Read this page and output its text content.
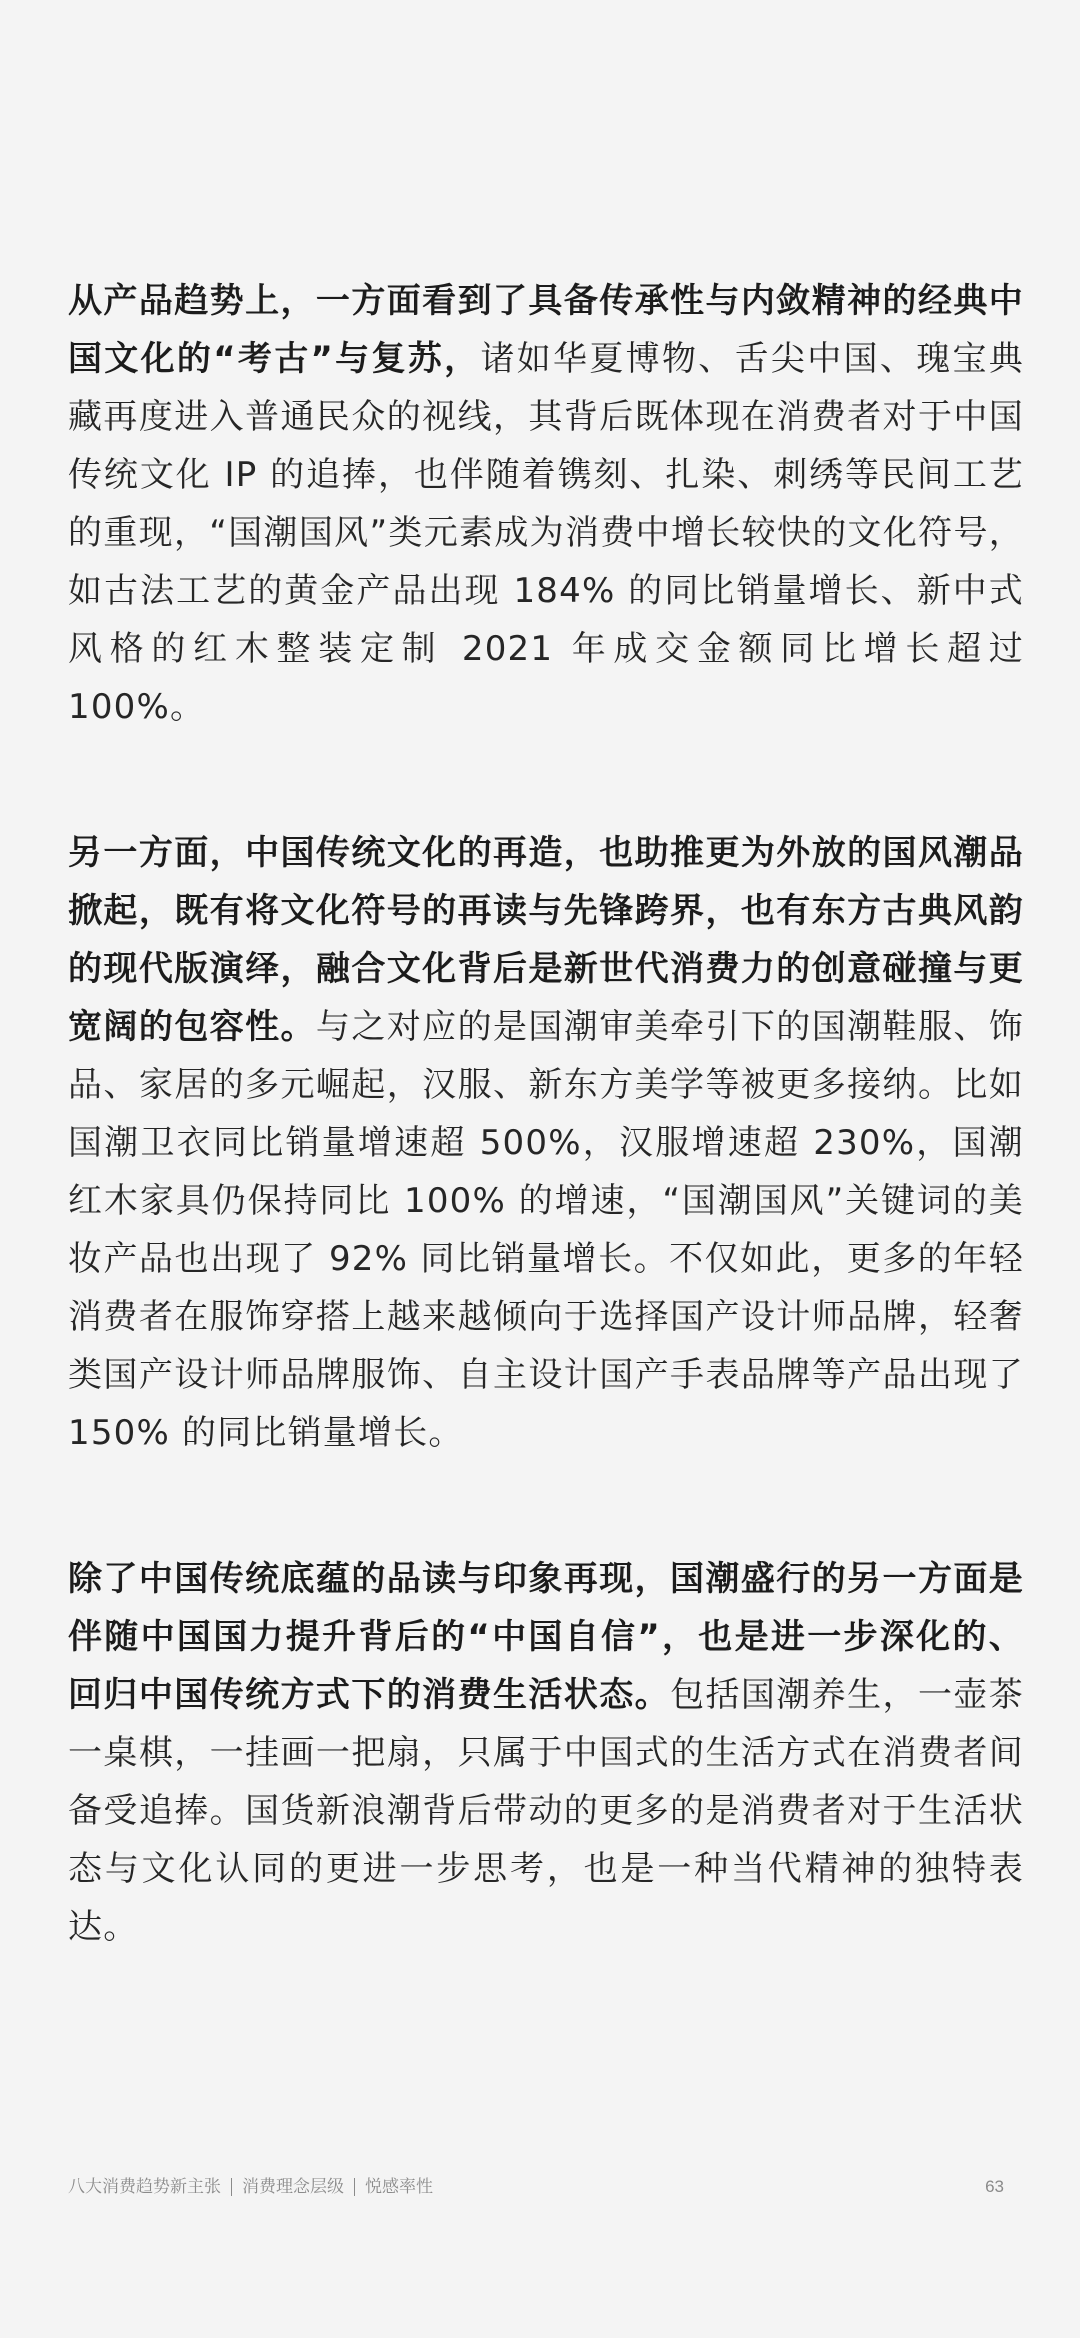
从产品趋势上，一方面看到了具备传承性与内敛精神的经典中国文化的“考古”与复苏，诸如华夏博物、舌尖中国、瑰宝典藏再度进入普通民众的视线，其背后既体现在消费者对于中国传统文化 IP 的追捧，也伴随着镌刻、扎染、刺绣等民间工艺的重现，“国潮国风”类元素成为消费中增长较快的文化符号，如古法工艺的黄金产品出现 184% 的同比销量增长、新中式风格的红木整装定制 2021 年成交金额同比增长超过 100%。

另一方面，中国传统文化的再造，也助推更为外放的国风潮品掀起，既有将文化符号的再读与先锋跨界，也有东方古典风韵的现代版演绎，融合文化背后是新世代消费力的创意碰撞与更宽阔的包容性。与之对应的是国潮审美牵引下的国潮鞋服、饰品、家居的多元崛起，汉服、新东方美学等被更多接纳。比如国潮卫衣同比销量增速超 500%，汉服增速超 230%，国潮红木家具仍保持同比 100% 的增速，“国潮国风”关键词的美妆产品也出现了 92% 同比销量增长。不仅如此，更多的年轻消费者在服饰穿搭上越来越倾向于选择国产设计师品牌，轻奢类国产设计师品牌服饰、自主设计国产手表品牌等产品出现了 150% 的同比销量增长。

除了中国传统底蕴的品读与印象再现，国潮盛行的另一方面是伴随中国国力提升背后的“中国自信”，也是进一步深化的、回归中国传统方式下的消费生活状态。包括国潮养生，一壶茶一桌棋，一挂画一把扇，只属于中国式的生活方式在消费者间备受追捧。国货新浪潮背后带动的更多的是消费者对于生活状态与文化认同的更进一步思考，也是一种当代精神的独特表达。

八大消费趋势新主张 消费理念层级 悦感率性	63
